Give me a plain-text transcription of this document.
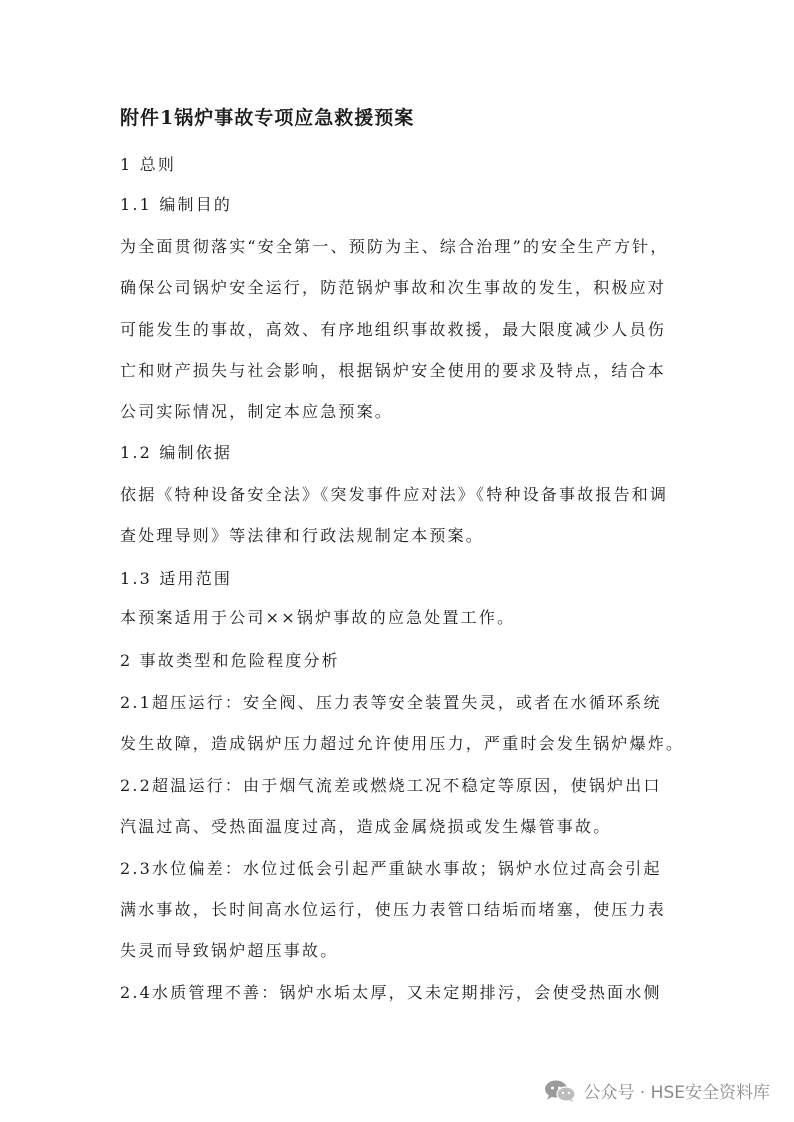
附件1锅炉事故专项应急救援预案
1 总则
1.1 编制目的
为全面贯彻落实“安全第一、预防为主、综合治理”的安全生产方针，
确保公司锅炉安全运行，防范锅炉事故和次生事故的发生，积极应对
可能发生的事故，高效、有序地组织事故救援，最大限度减少人员伤
亡和财产损失与社会影响，根据锅炉安全使用的要求及特点，结合本
公司实际情况，制定本应急预案。
1.2 编制依据
依据《特种设备安全法》《突发事件应对法》《特种设备事故报告和调
查处理导则》等法律和行政法规制定本预案。
1.3 适用范围
本预案适用于公司××锅炉事故的应急处置工作。
2 事故类型和危险程度分析
2.1超压运行：安全阀、压力表等安全装置失灵，或者在水循环系统
发生故障，造成锅炉压力超过允许使用压力，严重时会发生锅炉爆炸。
2.2超温运行：由于烟气流差或燃烧工况不稳定等原因，使锅炉出口
汽温过高、受热面温度过高，造成金属烧损或发生爆管事故。
2.3水位偏差：水位过低会引起严重缺水事故；锅炉水位过高会引起
满水事故，长时间高水位运行，使压力表管口结垢而堵塞，使压力表
失灵而导致锅炉超压事故。
2.4水质管理不善：锅炉水垢太厚，又未定期排污，会使受热面水侧
公众号 · HSE安全资料库
